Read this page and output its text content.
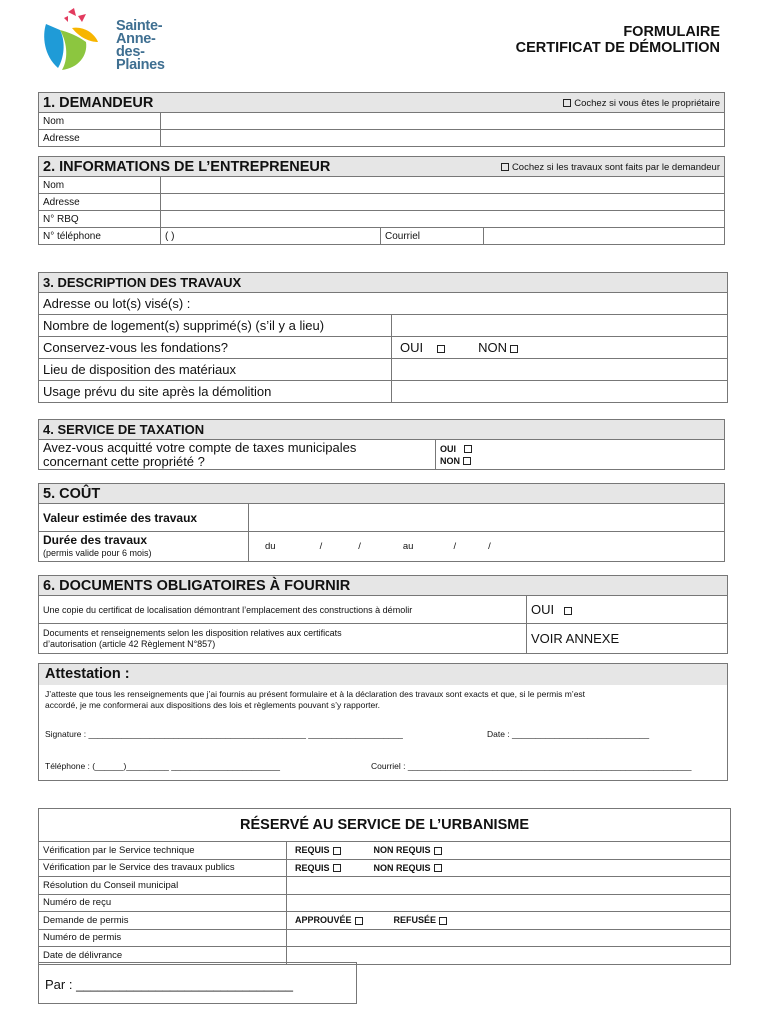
Sainte-
Anne-
des-
Plaines
FORMULAIRE
CERTIFICAT DE DÉMOLITION
1. DEMANDEUR Cochez si vous êtes le propriétaire	

Nom	
Adresse	
2. INFORMATIONS DE L’ENTREPRENEUR Cochez si les travaux sont faits par le demandeur			

Nom			
Adresse			
N° RBQ			
N° téléphone	( )	Courriel	
3. DESCRIPTION DES TRAVAUX	
Adresse ou lot(s) visé(s) :	
Nombre de logement(s) supprimé(s) (s’il y a lieu)	
Conservez-vous les fondations?	OUI NON
Lieu de disposition des matériaux	
Usage prévu du site après la démolition	
4. SERVICE DE TAXATION

Avez-vous acquitté votre compte de taxes municipales
concernant cette propriété ?

OUI
NON
5. COÛT	
Valeur estimée des travaux	

Durée des travaux
(permis valide pour 6 mois)	du / / au / /
6. DOCUMENTS OBLIGATOIRES À FOURNIR	
Une copie du certificat de localisation démontrant l’emplacement des constructions à démolir	OUI

Documents et renseignements selon les disposition relatives aux certificats
d’autorisation (article 42 Règlement N°857)	VOIR ANNEXE
Attestation :

J’atteste que tous les renseignements que j’ai fournis au présent formulaire et à la déclaration des travaux sont exacts et que, si le permis m’est
accordé, je me conformerai aux dispositions des lois et règlements pouvant s’y rapporter.

Signature : ______________________________________________ ____________________	Date : _____________________________
Téléphone : (______)_________ _______________________	Courriel : ____________________________________________________________
RÉSERVÉ AU SERVICE DE L’URBANISME	
Vérification par le Service technique	REQUIS NON REQUIS
Vérification par le Service des travaux publics	REQUIS NON REQUIS
Résolution du Conseil municipal	
Numéro de reçu	
Demande de permis	APPROUVÉE REFUSÉE
Numéro de permis	
Date de délivrance	
Par : ______________________________
